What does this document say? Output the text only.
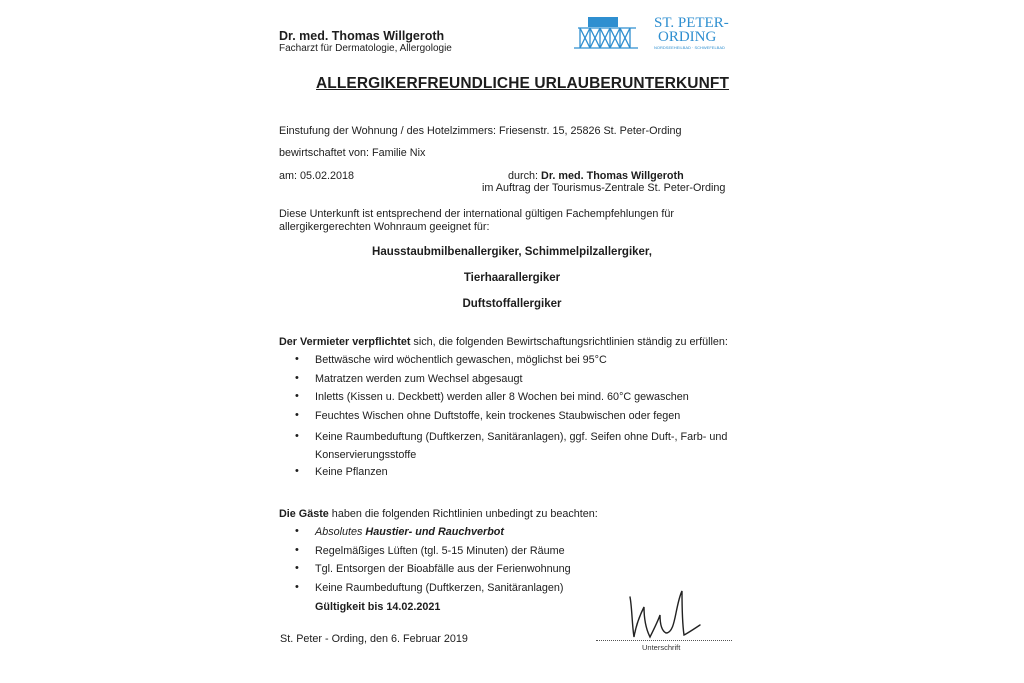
Dr. med. Thomas Willgeroth
Facharzt für Dermatologie, Allergologie
ST. PETER-
ORDING
NORDSEEHEILBAD · SCHWEFELBAD
ALLERGIKERFREUNDLICHE URLAUBERUNTERKUNFT
Einstufung der Wohnung / des Hotelzimmers: Friesenstr. 15, 25826 St. Peter-Ording
bewirtschaftet von: Familie Nix
am: 05.02.2018	durch: Dr. med. Thomas Willgeroth
im Auftrag der Tourismus-Zentrale St. Peter-Ording
Diese Unterkunft ist entsprechend der international gültigen Fachempfehlungen für
allergikergerechten Wohnraum geeignet für:
Hausstaubmilbenallergiker, Schimmelpilzallergiker,
Tierhaarallergiker
Duftstoffallergiker
Der Vermieter verpflichtet sich, die folgenden Bewirtschaftungsrichtlinien ständig zu erfüllen:
• Bettwäsche wird wöchentlich gewaschen, möglichst bei 95°C
• Matratzen werden zum Wechsel abgesaugt
• Inletts (Kissen u. Deckbett) werden aller 8 Wochen bei mind. 60°C gewaschen
• Feuchtes Wischen ohne Duftstoffe, kein trockenes Staubwischen oder fegen
• Keine Raumbeduftung (Duftkerzen, Sanitäranlagen), ggf. Seifen ohne Duft-, Farb- und Konservierungsstoffe
• Keine Pflanzen
Die Gäste haben die folgenden Richtlinien unbedingt zu beachten:
• Absolutes Haustier- und Rauchverbot
• Regelmäßiges Lüften (tgl. 5-15 Minuten) der Räume
• Tgl. Entsorgen der Bioabfälle aus der Ferienwohnung
• Keine Raumbeduftung (Duftkerzen, Sanitäranlagen)
Gültigkeit bis 14.02.2021
St. Peter - Ording, den 6. Februar 2019
Unterschrift
